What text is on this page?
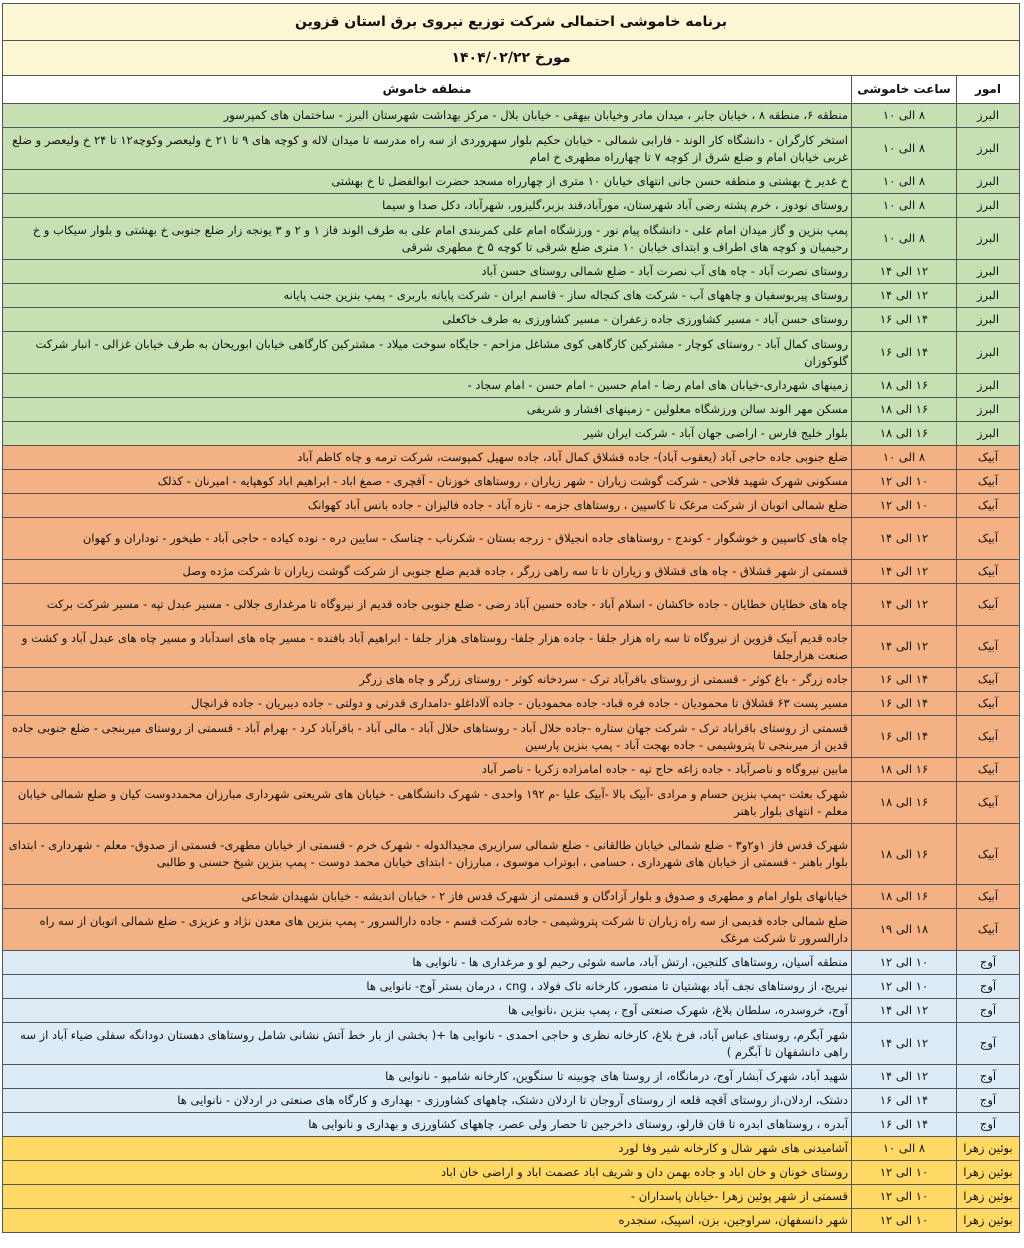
برنامه خاموشی احتمالی شرکت توزیع نیروی برق استان قزوین		
مورخ ۱۴۰۴/۰۲/۲۲		
امور	ساعت خاموشی	منطقه خاموش
البرز	۸ الی ۱۰	منطقه ۶، منطقه ۸ ، خیابان جابر ، میدان مادر وخیابان بیهقی - خیابان بلال - مرکز بهداشت شهرستان البرز - ساختمان های کمپرسور
البرز	۸ الی ۱۰	استخر کارگران - دانشگاه کار الوند - فارابی شمالی - خیابان حکیم بلوار سهروردی از سه راه مدرسه تا میدان لاله و کوچه های ۹ تا ۲۱ خ ولیعصر وکوچه۱۲ تا ۲۴ خ ولیعصر و ضلع غربی خیابان امام و ضلع شرق از کوچه ۷ تا چهارراه مطهری خ امام
البرز	۸ الی ۱۰	خ غدیر خ بهشتی و منطقه حسن جانی انتهای خیابان ۱۰ متری از چهارراه مسجد حضرت ابوالفضل تا خ بهشتی
البرز	۸ الی ۱۰	روستای نودوز ، خرم پشته رضی آباد شهرستان، مورآباد،قند بزبر،گلیزور، شهرآباد، دکل صدا و سیما
البرز	۸ الی ۱۰	پمپ بنزین و گاز میدان امام علی - دانشگاه پیام نور - ورزشگاه امام علی کمربندی امام علی به طرف الوند فاز ۱ و ۲ و ۳ یونجه زار ضلع جنوبی خ بهشتی و بلوار سیکاب و خ رحیمیان و کوچه های اطراف و ابتدای خیابان ۱۰ متری ضلع شرقی تا کوچه ۵ خ مطهری شرقی
البرز	۱۲ الی ۱۴	روستای نصرت آباد - چاه های آب نصرت آباد - ضلع شمالی روستای حسن آباد
البرز	۱۲ الی ۱۴	روستای پیربوسفیان و چاههای آب - شرکت های کنجاله ساز - قاسم ایران - شرکت پایانه باربری - پمپ بنزین جنب پایانه
البرز	۱۴ الی ۱۶	روستای حسن آباد - مسیر کشاورزی جاده زعفران - مسیر کشاورزی به طرف خاکعلی
البرز	۱۴ الی ۱۶	روستای کمال آباد - روستای کوچار - مشترکین کارگاهی کوی مشاغل مزاحم - جایگاه سوخت میلاد - مشترکین کارگاهی خیابان ابوریحان به طرف خیابان غزالی - انبار شرکت گلوکوزان
البرز	۱۶ الی ۱۸	زمینهای شهرداری-خیابان های امام رضا - امام حسین - امام حسن - امام سجاد -
البرز	۱۶ الی ۱۸	مسکن مهر الوند سالن ورزشگاه معلولین - زمینهای افشار و شریفی
البرز	۱۶ الی ۱۸	بلوار خلیج فارس - اراضی جهان آباد - شرکت ایران شیر
آبیک	۸ الی ۱۰	ضلع جنوبی جاده حاجی آباد (یعقوب آباد)- جاده قشلاق کمال آباد، جاده سهیل کمپوست، شرکت ترمه و چاه کاظم آباد
آبیک	۱۰ الی ۱۲	مسکونی شهرک شهید فلاحی - شرکت گوشت زیاران - شهر زیاران ، روستاهای خوزنان - آقچری - صمغ اباد - ابراهیم اباد کوهپایه - امیرنان - کذلک
آبیک	۱۰ الی ۱۲	ضلع شمالی اتوبان از شرکت مرغک تا کاسپین ، روستاهای جزمه - تازه آباد - جاده فالیزان - جاده بانس آباد کهوانک
آبیک	۱۲ الی ۱۴	چاه های کاسپین و خوشگوار - کوندج - روستاهای جاده انجیلاق - زرجه بستان - شکرناب - چناسک - سایین دره - نوده کیاده - حاجی آباد - طیخور - توداران و کهوان
آبیک	۱۲ الی ۱۴	قسمتی از شهر قشلاق - چاه های قشلاق و زیاران تا تا سه راهی زرگر ، جاده قدیم ضلع جنوبی از شرکت گوشت زیاران تا شرکت مژده وصل
آبیک	۱۲ الی ۱۴	چاه های خطایان خطایان - جاده خاکشان - اسلام آباد - جاده حسین آباد رضی - ضلع جنوبی جاده قدیم از نیروگاه تا مرغداری جلالی - مسیر عبدل تپه - مسیر شرکت برکت
آبیک	۱۲ الی ۱۴	جاده قدیم آبیک قزوین از نیروگاه تا سه راه هزار جلفا - جاده هزار جلفا- روستاهای هزار جلفا - ابراهیم آباد بافنده - مسیر چاه های اسدآباد و مسیر چاه های عبدل آباد و کشت و صنعت هزارجلفا
آبیک	۱۴ الی ۱۶	جاده زرگر - باغ کوثر - قسمتی از روستای باقرآباد ترک - سردخانه کوثر - روستای زرگر و چاه های زرگر
آبیک	۱۴ الی ۱۶	مسیر پست ۶۳ قشلاق تا محمودیان - جاده فره قباد- جاده محمودیان - جاده آلاداغلو -دامداری قدرتی و دولتی - جاده دیبریان - جاده قزانچال
آبیک	۱۴ الی ۱۶	قسمتی از روستای باقراباد ترک - شرکت جهان ستاره -جاده حلال آباد - روستاهای حلال آباد - مالی آباد - باقرآباد کرد - بهرام آباد - قسمتی از روستای میربنجی - ضلع جنوبی جاده قدین از میربنجی تا پتروشیمی - جاده بهجت آباد - پمپ بنزین پارسین
آبیک	۱۶ الی ۱۸	مابین نیروگاه و ناصرآباد - جاده زاغه حاج تپه - جاده امامزاده زکریا - ناصر آباد
آبیک	۱۶ الی ۱۸	شهرک بعثت -پمپ بنزین حسام و مرادی -آبیک بالا -آبیک علیا -م ۱۹۲ واحدی - شهرک دانشگاهی - خیابان های شریعتی شهرداری مبارزان محمددوست کیان و ضلع شمالی خیابان معلم - انتهای بلوار باهنر
آبیک	۱۶ الی ۱۸	شهرک قدس فاز ۱و۲و۳ - ضلع شمالی خیابان طالقانی - ضلع شمالی سرازیری مجیدالدوله - شهرک خرم - قسمتی از خیابان مطهری- قسمتی از صدوق- معلم - شهرداری - ابتدای بلوار باهنر - قسمتی از خیابان های شهرداری ، حسامی ، ابوتراب موسوی ، مبارزان - ابتدای خیابان محمد دوست - پمپ بنزین شیخ حسنی و طالبی
آبیک	۱۶ الی ۱۸	خیابانهای بلوار امام و مطهری و صدوق و بلوار آزادگان و قسمتی از شهرک قدس فاز ۲ - خیابان اندیشه - خیابان شهیدان شجاعی
آبیک	۱۸ الی ۱۹	ضلع شمالی جاده قدیمی از سه راه زیاران تا شرکت پتروشیمی - جاده شرکت قسم - جاده دارالسرور - پمپ بنزین های معدن نژاد و عزیزی - ضلع شمالی اتوبان از سه راه دارالسرور تا شرکت مرغک
آوج	۱۰ الی ۱۲	منطقه آسیان، روستاهای کلنجین، ارتش آباد، ماسه شوئی رحیم لو و مرغداری ها - نانوایی ها
آوج	۱۰ الی ۱۲	نیریج، از روستاهای نجف آباد بهشتیان تا منصور، کارخانه تاک فولاد ، cng ، درمان بستر آوج- نانوایی ها
آوج	۱۲ الی ۱۴	آوج، خروسدره، سلطان بلاغ، شهرک صنعتی آوج ، پمپ بنزین ،نانوایی ها
آوج	۱۲ الی ۱۴	شهر آبگرم، روستای عباس آباد، فرخ بلاغ، کارخانه نظری و حاجی احمدی - نانوایی ها +( بخشی از بار خط آتش نشانی شامل روستاهای دهستان دودانگه سفلی ضیاء آباد از سه راهی دانشفهان تا آبگرم )
آوج	۱۲ الی ۱۴	شهید آباد، شهرک آبشار آوج، درمانگاه، از روستا های چوبینه تا سنگوین، کارخانه شامپو - نانوایی ها
آوج	۱۴ الی ۱۶	دشتک، اردلان،از روستای آقچه قلعه از روستای آروجان تا اردلان دشتک، چاههای کشاورزی - بهداری و کارگاه های صنعتی در اردلان - نانوایی ها
آوج	۱۴ الی ۱۶	آبدره ، روستاهای ابدره تا قان قارلو، روستای داخرجین تا حصار ولی عصر، چاههای کشاورزی و بهداری و نانوایی ها
بوئین زهرا	۸ الی ۱۰	آشامیدنی های شهر شال و کارخانه شیر وفا لورد
بوئین زهرا	۱۰ الی ۱۲	روستای خونان و خان اباد و جاده بهمن دان و شریف اباد عصمت اباد و اراضی خان اباد
بوئین زهرا	۱۰ الی ۱۲	قسمتی از شهر پوئین زهرا -خیابان پاسداران -
بوئین زهرا	۱۰ الی ۱۲	شهر دانسفهان، سراوجین، بزن، اسپیک، سنجدره
